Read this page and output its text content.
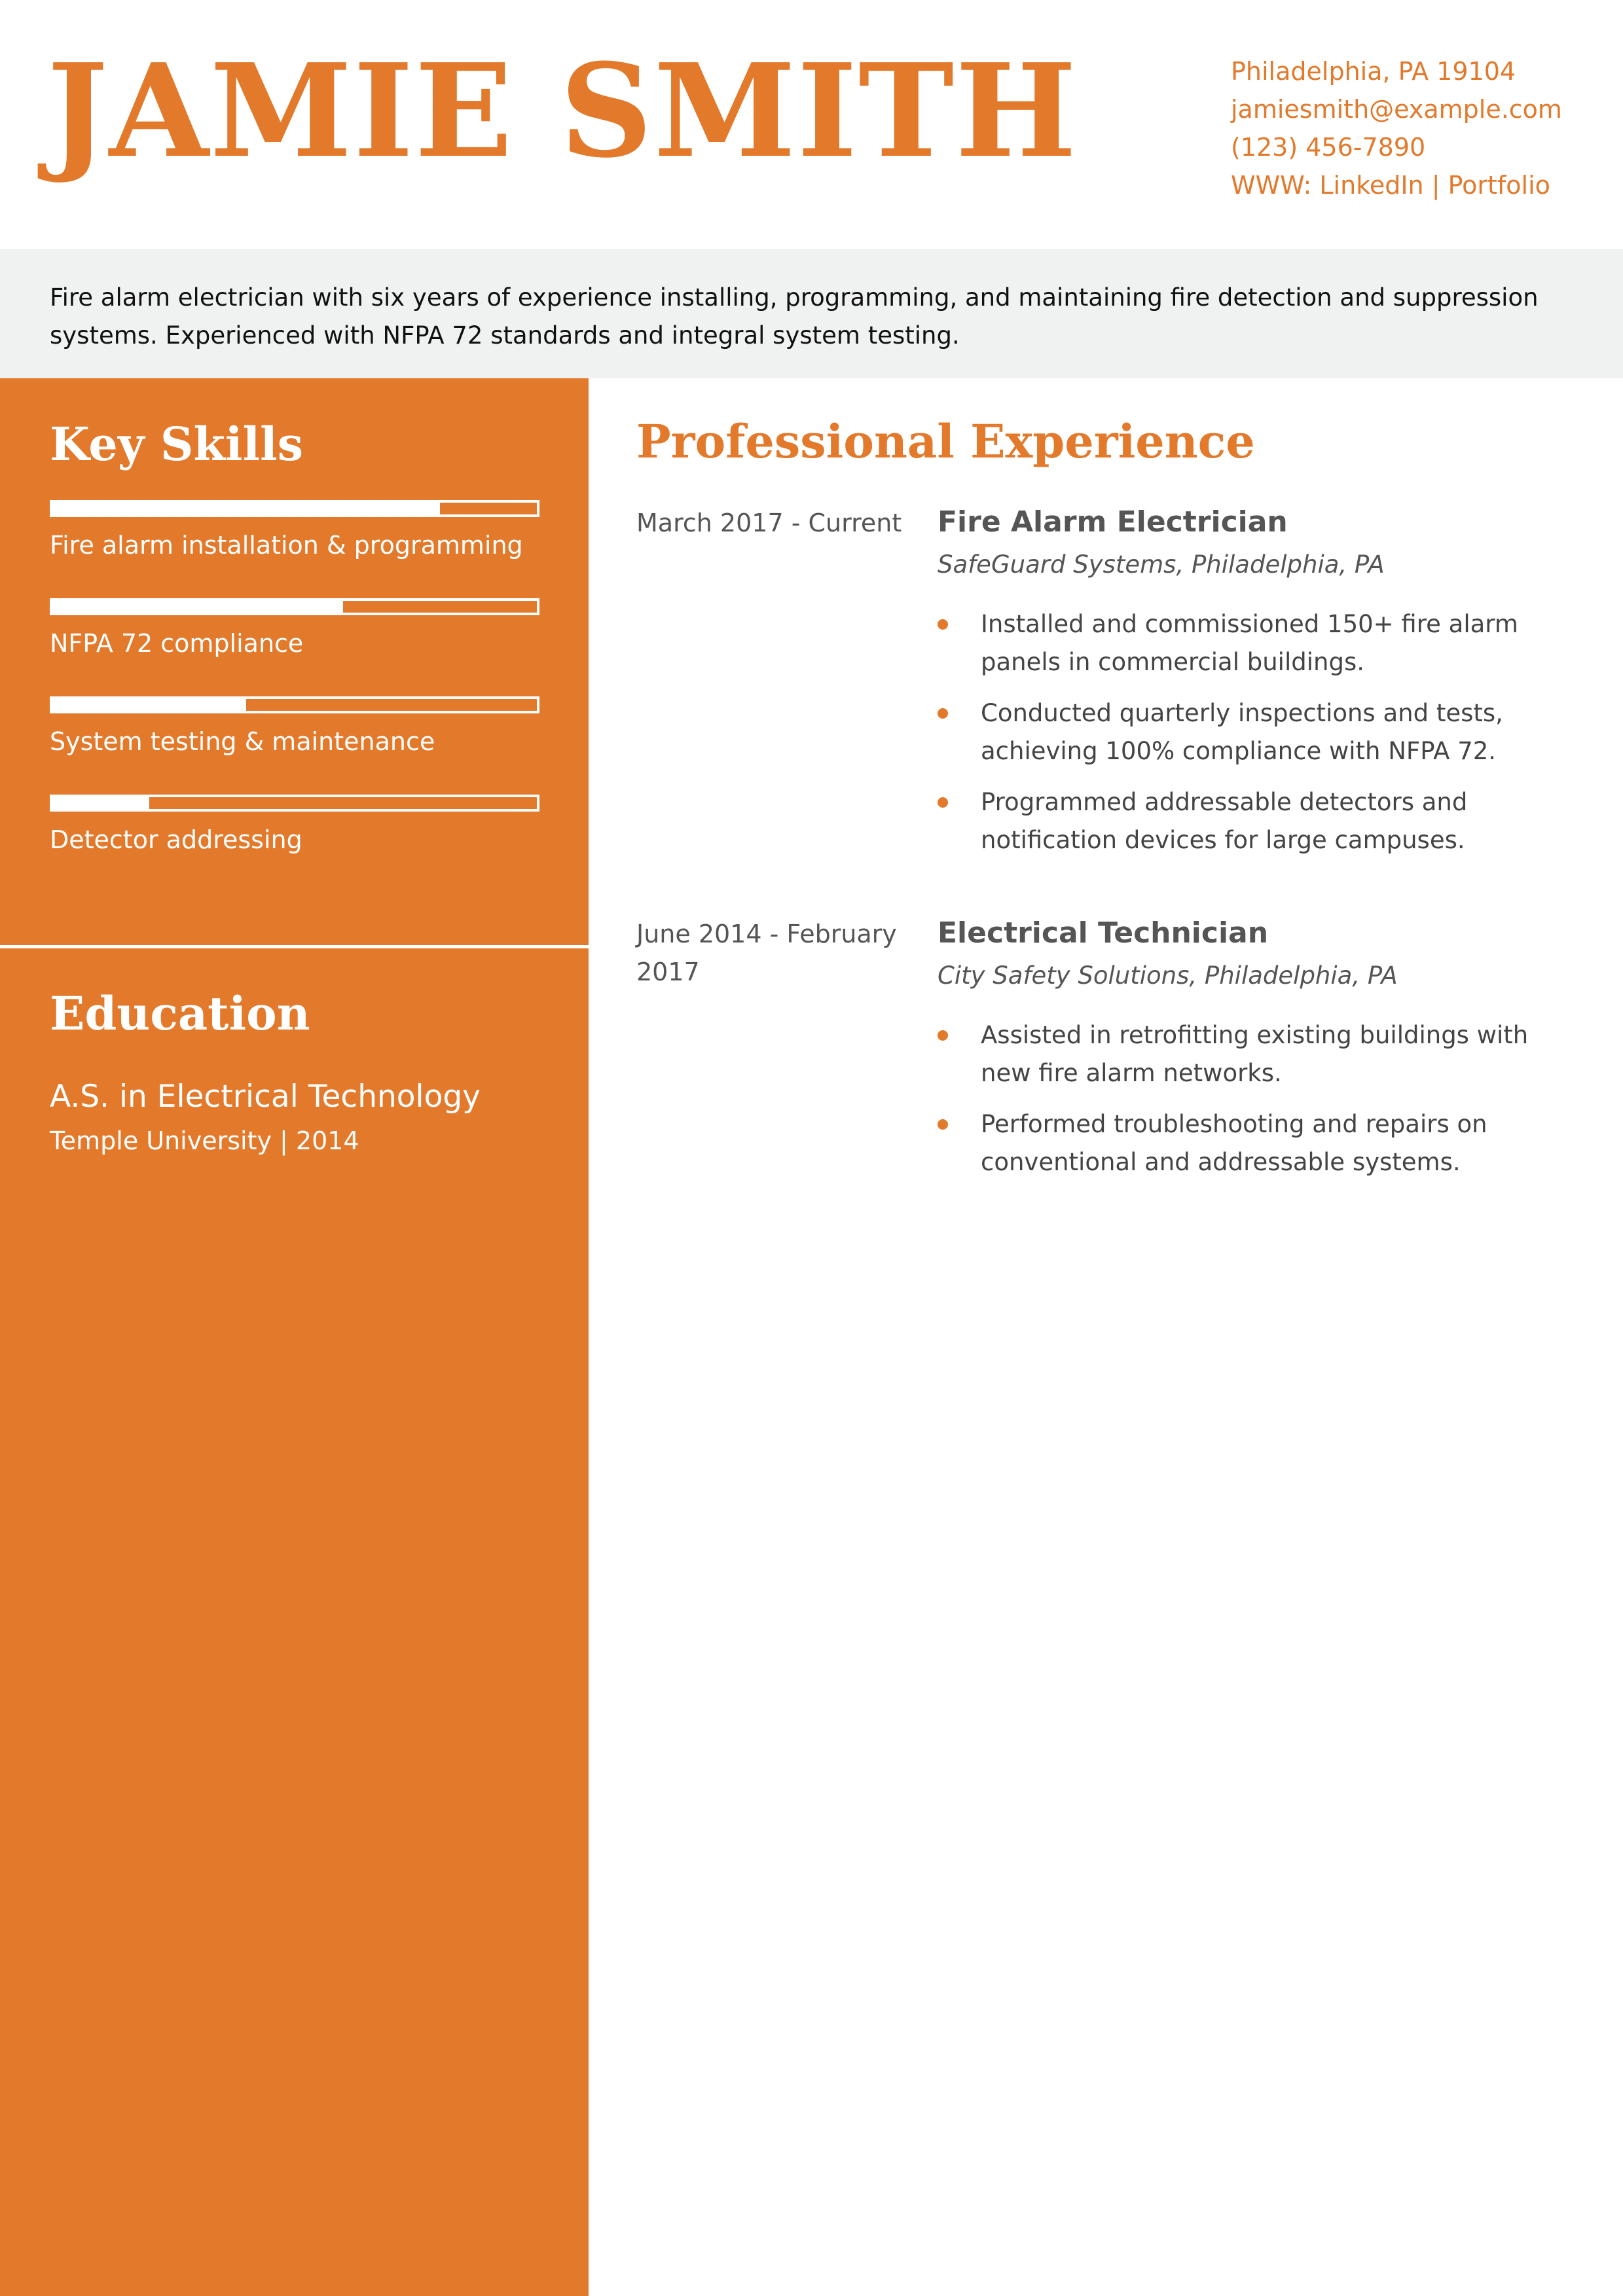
JAMIE SMITH	Philadelphia, PA 19104
jamiesmith@example.com
(123) 456-7890
WWW: LinkedIn | Portfolio

Fire alarm electrician with six years of experience installing, programming, and maintaining fire detection and suppression systems. Experienced with NFPA 72 standards and integral system testing.

Key Skills
Fire alarm installation & programming
NFPA 72 compliance
System testing & maintenance
Detector addressing
Education
A.S. in Electrical Technology
Temple University | 2014
Professional Experience
March 2017 - Current	Fire Alarm Electrician
SafeGuard Systems, Philadelphia, PA
Installed and commissioned 150+ fire alarm panels in commercial buildings.
Conducted quarterly inspections and tests, achieving 100% compliance with NFPA 72.
Programmed addressable detectors and notification devices for large campuses.
June 2014 - February 2017
Electrical Technician
City Safety Solutions, Philadelphia, PA
Assisted in retrofitting existing buildings with new fire alarm networks.
Performed troubleshooting and repairs on conventional and addressable systems.
